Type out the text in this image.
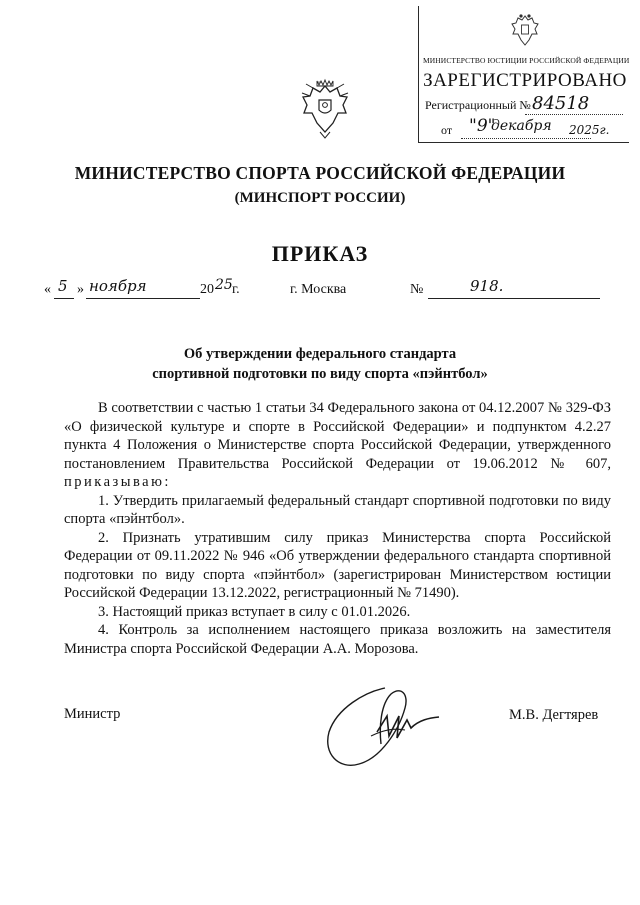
МИНИСТЕРСТВО ЮСТИЦИИ РОССИЙСКОЙ ФЕДЕРАЦИИ
ЗАРЕГИСТРИРОВАНО
Регистрационный № 84518
от "9"
декабря 2025г.
МИНИСТЕРСТВО СПОРТА РОССИЙСКОЙ ФЕДЕРАЦИИ
(МИНСПОРТ РОССИИ)
ПРИКАЗ
« 5 » ноября	20 25 г.	г. Москва	№	918.
Об утверждении федерального стандарта
спортивной подготовки по виду спорта «пэйнтбол»

В соответствии с частью 1 статьи 34 Федерального закона от 04.12.2007 № 329-ФЗ «О физической культуре и спорте в Российской Федерации» и подпунктом 4.2.27 пункта 4 Положения о Министерстве спорта Российской Федерации, утвержденного постановлением Правительства Российской Федерации от 19.06.2012 № 607, приказываю:

1. Утвердить прилагаемый федеральный стандарт спортивной подготовки по виду спорта «пэйнтбол».

2. Признать утратившим силу приказ Министерства спорта Российской Федерации от 09.11.2022 № 946 «Об утверждении федерального стандарта спортивной подготовки по виду спорта «пэйнтбол» (зарегистрирован Министерством юстиции Российской Федерации 13.12.2022, регистрационный № 71490).

3. Настоящий приказ вступает в силу с 01.01.2026.

4. Контроль за исполнением настоящего приказа возложить на заместителя Министра спорта Российской Федерации А.А. Морозова.

Министр	М.В. Дегтярев
